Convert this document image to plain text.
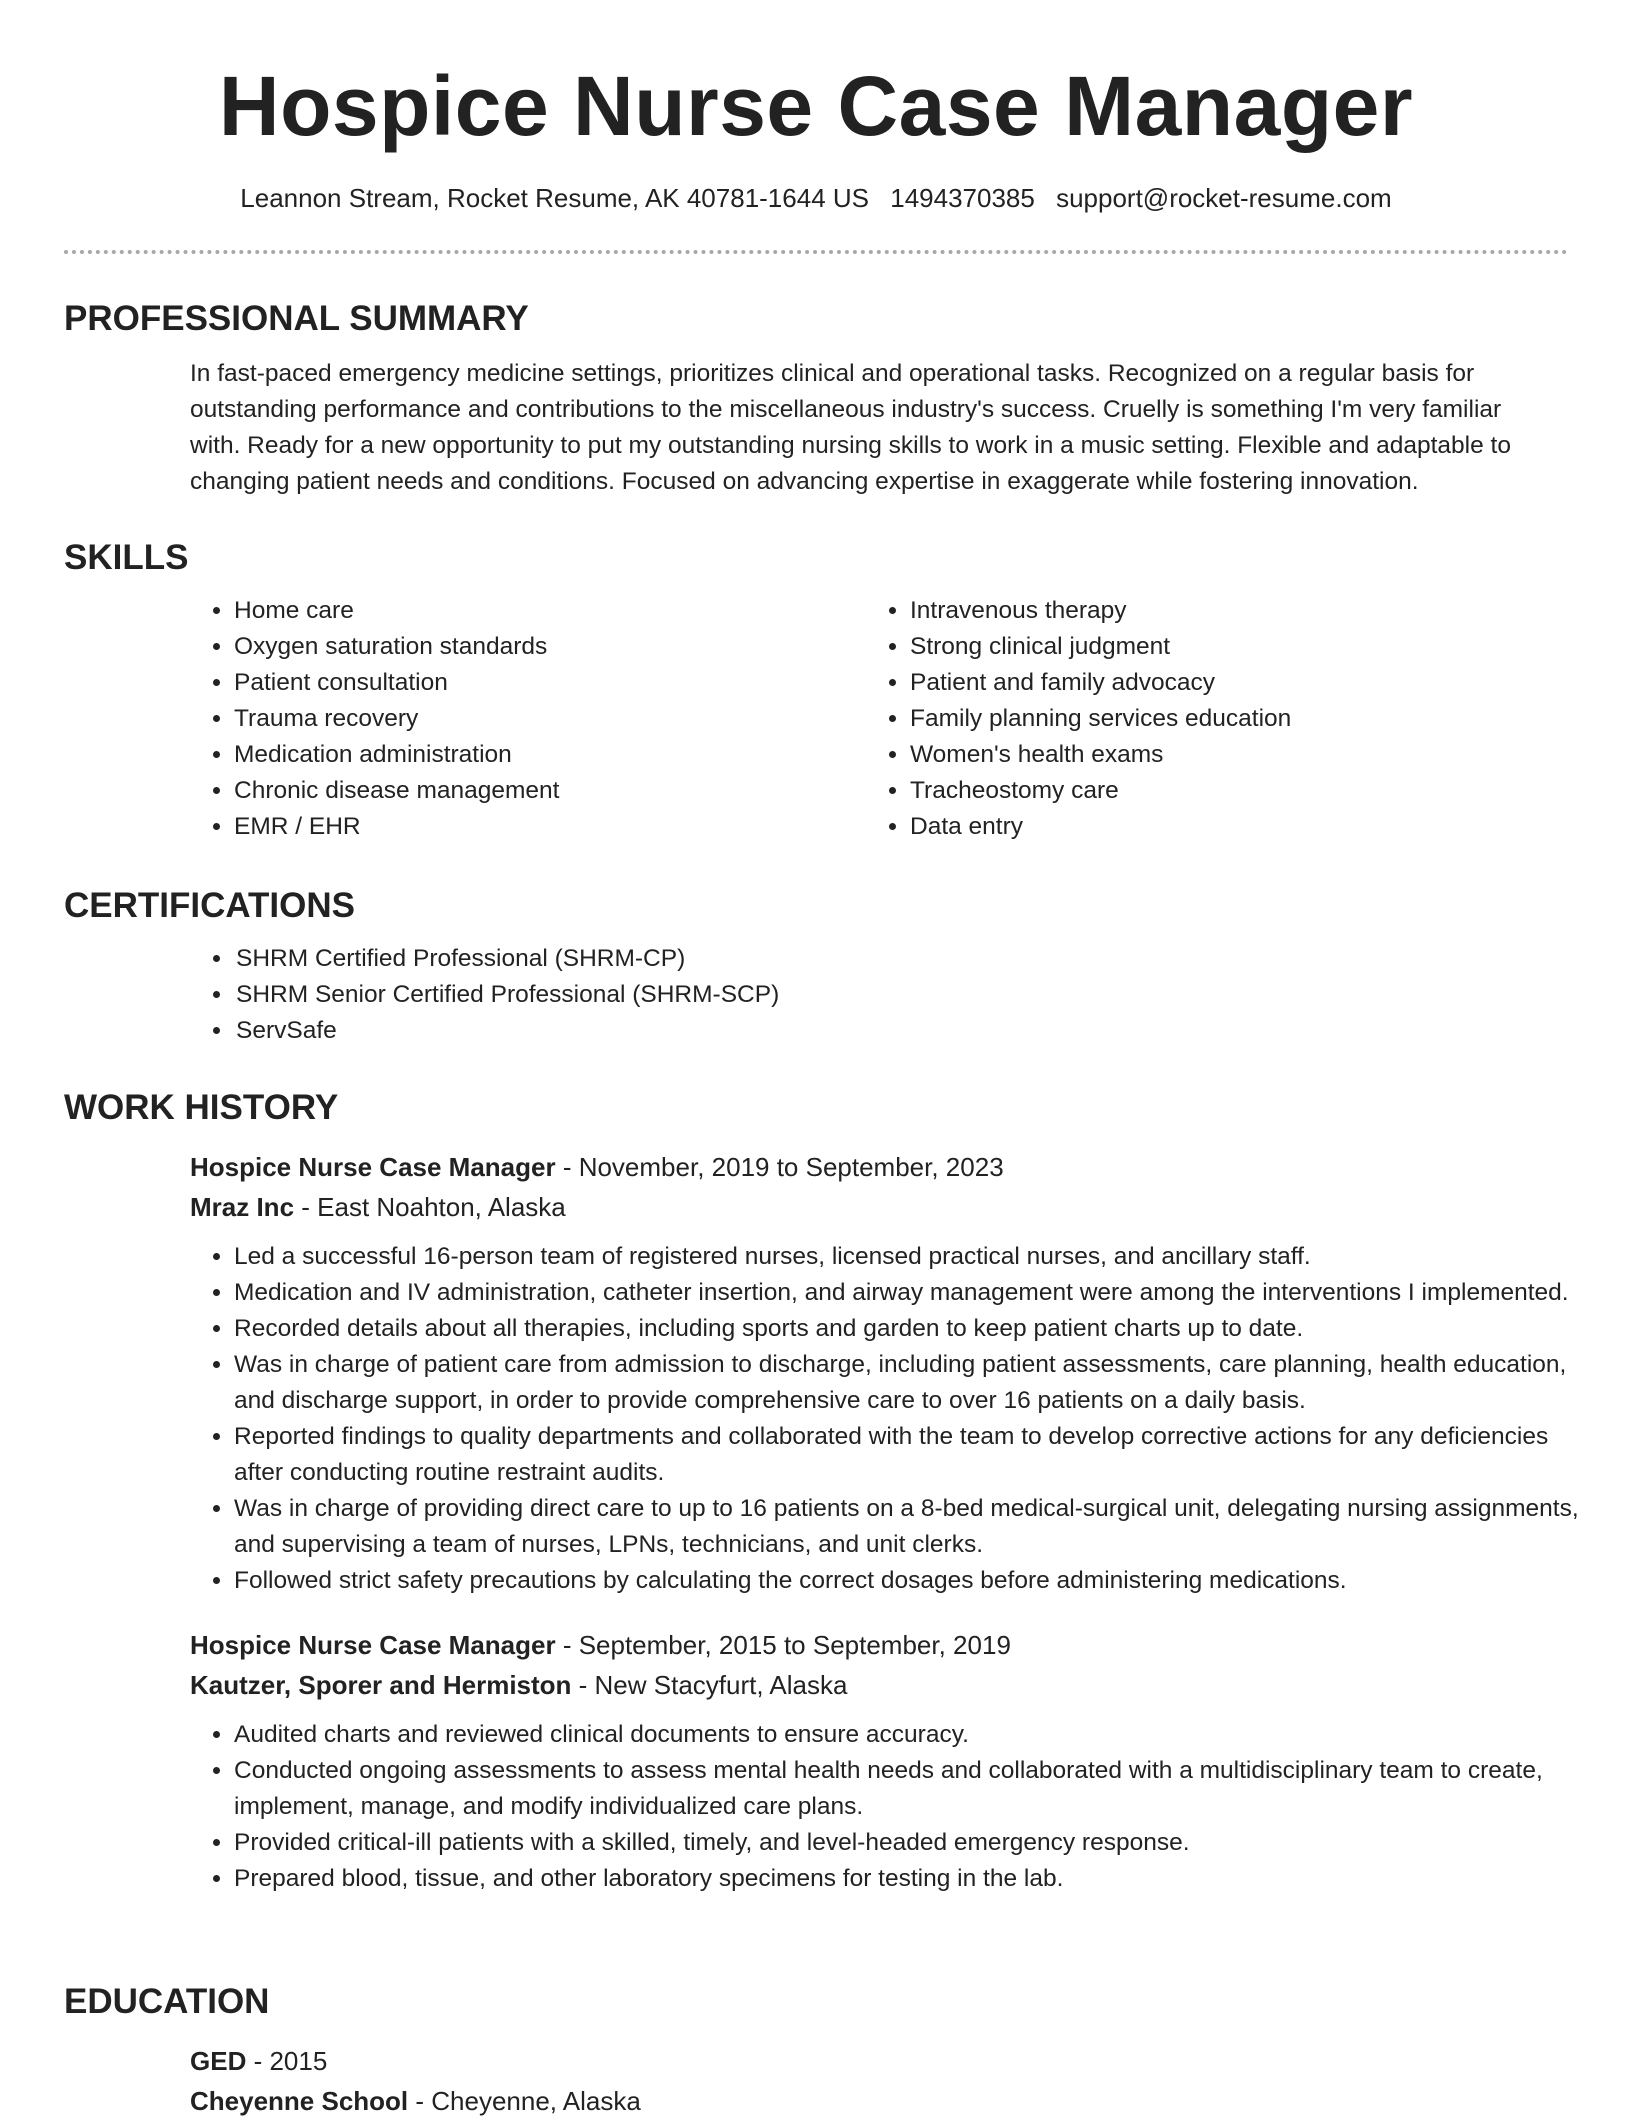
Hospice Nurse Case Manager
Leannon Stream, Rocket Resume, AK 40781-1644 US 1494370385 support@rocket-resume.com
PROFESSIONAL SUMMARY
In fast-paced emergency medicine settings, prioritizes clinical and operational tasks. Recognized on a regular basis for outstanding performance and contributions to the miscellaneous industry's success. Cruelly is something I'm very familiar with. Ready for a new opportunity to put my outstanding nursing skills to work in a music setting. Flexible and adaptable to changing patient needs and conditions. Focused on advancing expertise in exaggerate while fostering innovation.
SKILLS
• Home care
• Oxygen saturation standards
• Patient consultation
• Trauma recovery
• Medication administration
• Chronic disease management
• EMR / EHR
• Intravenous therapy
• Strong clinical judgment
• Patient and family advocacy
• Family planning services education
• Women's health exams
• Tracheostomy care
• Data entry
CERTIFICATIONS
• SHRM Certified Professional (SHRM-CP)
• SHRM Senior Certified Professional (SHRM-SCP)
• ServSafe
WORK HISTORY
Hospice Nurse Case Manager - November, 2019 to September, 2023
Mraz Inc - East Noahton, Alaska
• Led a successful 16-person team of registered nurses, licensed practical nurses, and ancillary staff.
• Medication and IV administration, catheter insertion, and airway management were among the interventions I implemented.
• Recorded details about all therapies, including sports and garden to keep patient charts up to date.
• Was in charge of patient care from admission to discharge, including patient assessments, care planning, health education, and discharge support, in order to provide comprehensive care to over 16 patients on a daily basis.
• Reported findings to quality departments and collaborated with the team to develop corrective actions for any deficiencies after conducting routine restraint audits.
• Was in charge of providing direct care to up to 16 patients on a 8-bed medical-surgical unit, delegating nursing assignments, and supervising a team of nurses, LPNs, technicians, and unit clerks.
• Followed strict safety precautions by calculating the correct dosages before administering medications.
Hospice Nurse Case Manager - September, 2015 to September, 2019
Kautzer, Sporer and Hermiston - New Stacyfurt, Alaska
• Audited charts and reviewed clinical documents to ensure accuracy.
• Conducted ongoing assessments to assess mental health needs and collaborated with a multidisciplinary team to create, implement, manage, and modify individualized care plans.
• Provided critical-ill patients with a skilled, timely, and level-headed emergency response.
• Prepared blood, tissue, and other laboratory specimens for testing in the lab.
EDUCATION
GED - 2015
Cheyenne School - Cheyenne, Alaska
